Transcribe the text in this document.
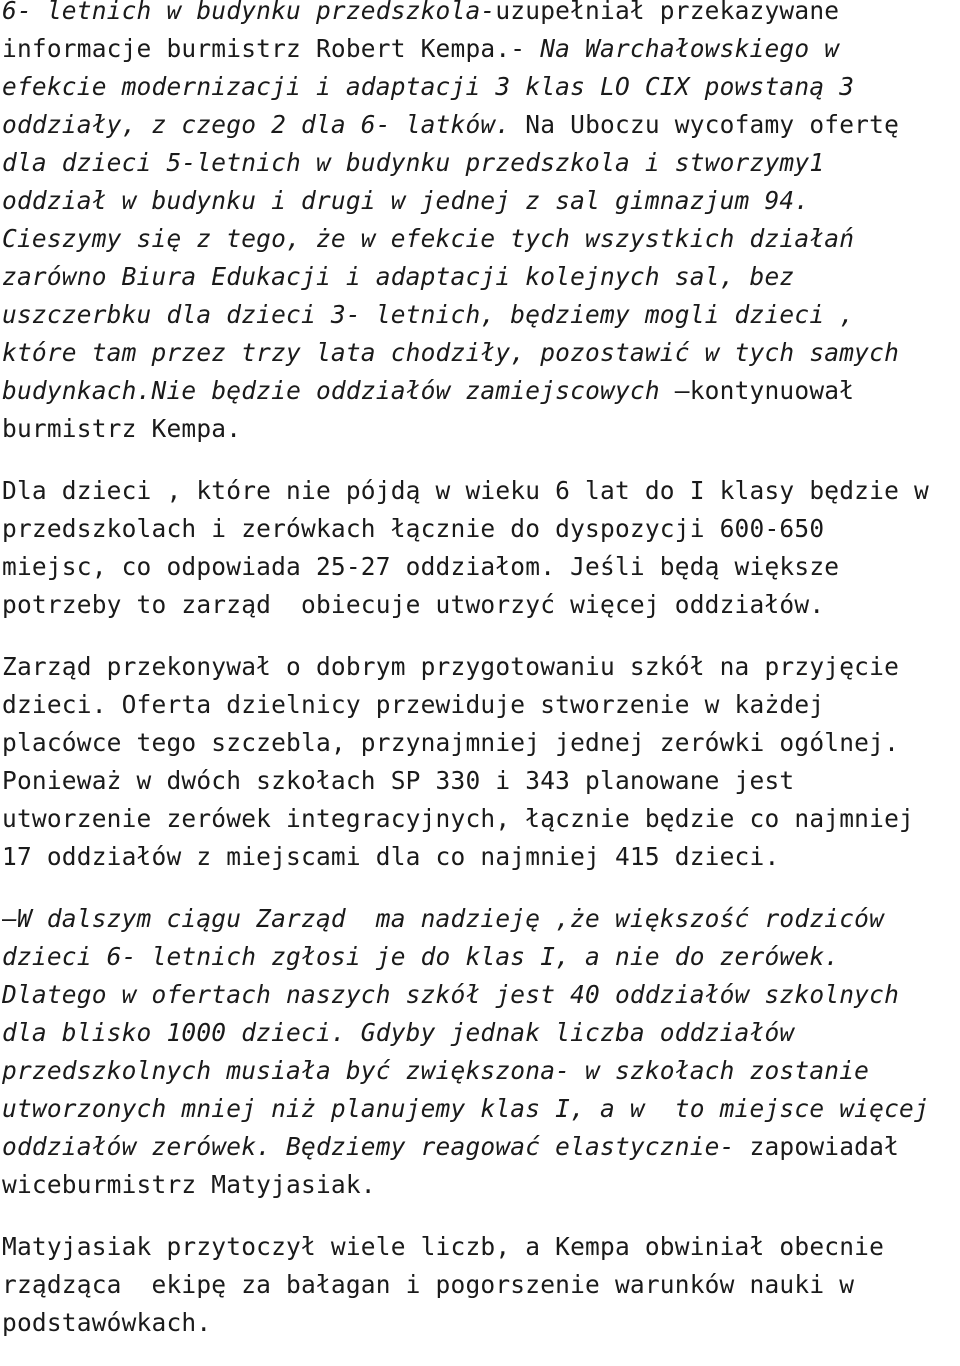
6- letnich w budynku przedszkola-uzupełniał przekazywane
informacje burmistrz Robert Kempa.- Na Warchałowskiego w
efekcie modernizacji i adaptacji 3 klas LO CIX powstaną 3
oddziały, z czego 2 dla 6- latków. Na Uboczu wycofamy ofertę
dla dzieci 5-letnich w budynku przedszkola i stworzymy1
oddział w budynku i drugi w jednej z sal gimnazjum 94.
Cieszymy się z tego, że w efekcie tych wszystkich działań
zarówno Biura Edukacji i adaptacji kolejnych sal, bez
uszczerbku dla dzieci 3- letnich, będziemy mogli dzieci ,
które tam przez trzy lata chodziły, pozostawić w tych samych
budynkach.Nie będzie oddziałów zamiejscowych –kontynuował
burmistrz Kempa.
Dla dzieci , które nie pójdą w wieku 6 lat do I klasy będzie w
przedszkolach i zerówkach łącznie do dyspozycji 600-650
miejsc, co odpowiada 25-27 oddziałom. Jeśli będą większe
potrzeby to zarząd  obiecuje utworzyć więcej oddziałów.
Zarząd przekonywał o dobrym przygotowaniu szkół na przyjęcie
dzieci. Oferta dzielnicy przewiduje stworzenie w każdej
placówce tego szczebla, przynajmniej jednej zerówki ogólnej.
Ponieważ w dwóch szkołach SP 330 i 343 planowane jest
utworzenie zerówek integracyjnych, łącznie będzie co najmniej
17 oddziałów z miejscami dla co najmniej 415 dzieci.
–W dalszym ciągu Zarząd  ma nadzieję ,że większość rodziców
dzieci 6- letnich zgłosi je do klas I, a nie do zerówek.
Dlatego w ofertach naszych szkół jest 40 oddziałów szkolnych
dla blisko 1000 dzieci. Gdyby jednak liczba oddziałów
przedszkolnych musiała być zwiększona- w szkołach zostanie
utworzonych mniej niż planujemy klas I, a w  to miejsce więcej
oddziałów zerówek. Będziemy reagować elastycznie- zapowiadał
wiceburmistrz Matyjasiak.
Matyjasiak przytoczył wiele liczb, a Kempa obwiniał obecnie
rządząca  ekipę za bałagan i pogorszenie warunków nauki w
podstawówkach.
